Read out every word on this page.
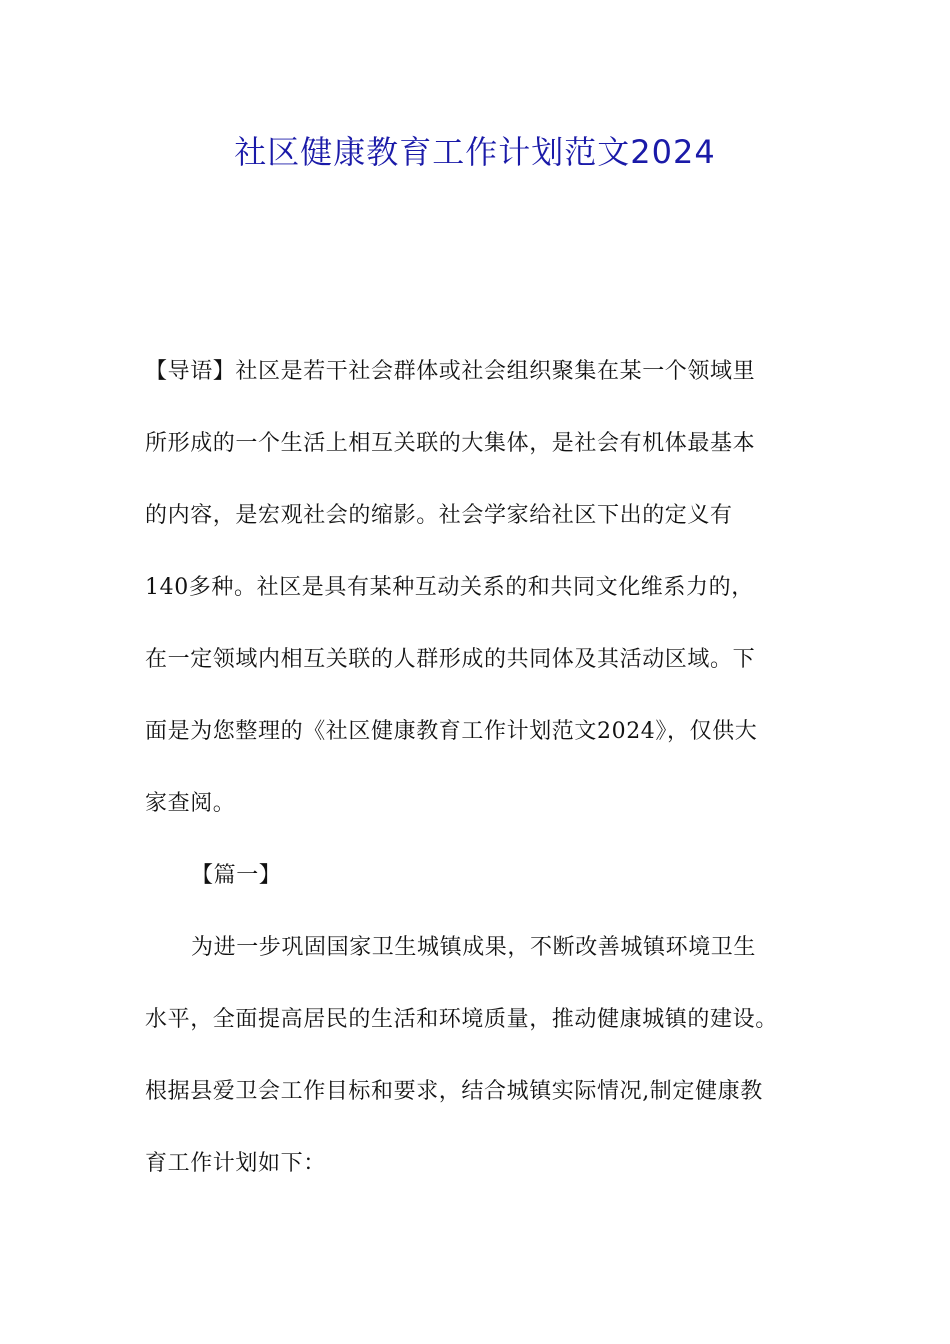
社区健康教育工作计划范文2024
【导语】社区是若干社会群体或社会组织聚集在某一个领域里
所形成的一个生活上相互关联的大集体，是社会有机体最基本
的内容，是宏观社会的缩影。社会学家给社区下出的定义有
140多种。社区是具有某种互动关系的和共同文化维系力的，
在一定领域内相互关联的人群形成的共同体及其活动区域。下
面是为您整理的《社区健康教育工作计划范文2024》，仅供大
家查阅。
【篇一】
为进一步巩固国家卫生城镇成果，不断改善城镇环境卫生
水平，全面提高居民的生活和环境质量，推动健康城镇的建设。
根据县爱卫会工作目标和要求，结合城镇实际情况,制定健康教
育工作计划如下：
